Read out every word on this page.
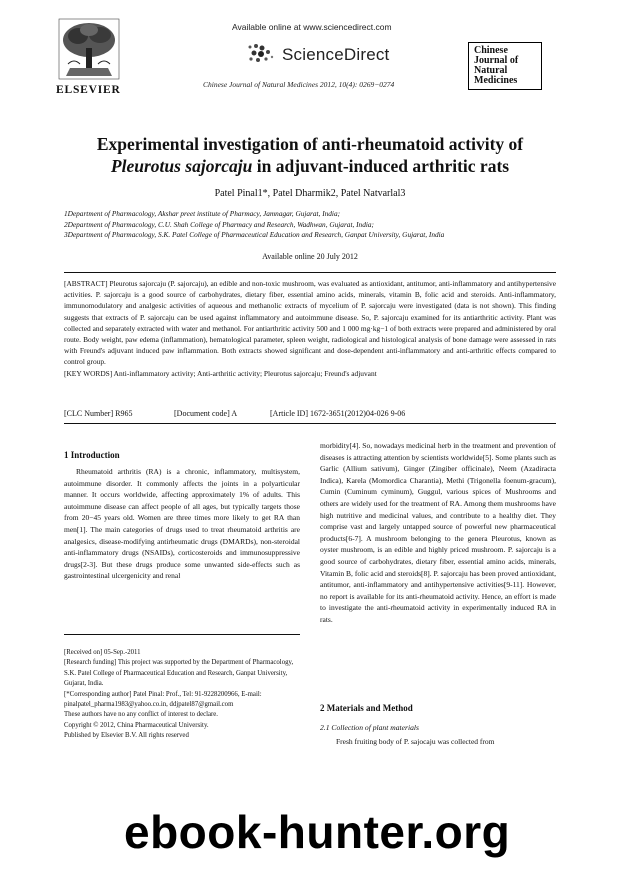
ELSEVIER
Available online at www.sciencedirect.com
ScienceDirect
Chinese Journal of Natural Medicines 2012, 10(4): 0269−0274
Chinese
Journal of
Natural
Medicines
Experimental investigation of anti-rheumatoid activity of
Pleurotus sajorcaju in adjuvant-induced arthritic rats
Patel Pinal1*, Patel Dharmik2, Patel Natvarlal3
1Department of Pharmacology, Akshar preet institute of Pharmacy, Jamnagar, Gujarat, India;
2Department of Pharmacology, C.U. Shah College of Pharmacy and Research, Wadhwan, Gujarat, India;
3Department of Pharmacology, S.K. Patel College of Pharmaceutical Education and Research, Ganpat University, Gujarat, India
Available online 20 July 2012

[ABSTRACT] Pleurotus sajorcaju (P. sajorcaju), an edible and non-toxic mushroom, was evaluated as antioxidant, antitumor, anti-inflammatory and antihypertensive activities. P. sajorcaju is a good source of carbohydrates, dietary fiber, essential amino acids, minerals, vitamin B, folic acid and steroids. Anti-inflammatory, immunomodulatory and analgesic activities of aqueous and methanolic extracts of mycelium of P. sajorcaju were investigated (data is not shown). This finding suggests that extracts of P. sajorcaju can be used against inflammatory and autoimmune disease. So, P. sajorcaju examined for its antiarthritic activity. Plant was collected and separately extracted with water and methanol. For antiarthritic activity 500 and 1 000 mg·kg−1 of both extracts were prepared and administered by oral route. Body weight, paw edema (inflammation), hematological parameter, spleen weight, radiological and histological analysis of bone damage were assessed in rats with Freund's adjuvant induced paw inflammation. Both extracts showed significant and dose-dependent anti-inflammatory and anti-arthritic effects compared to control group.

[KEY WORDS] Anti-inflammatory activity; Anti-arthritic activity; Pleurotus sajorcaju; Freund's adjuvant

[CLC Number] R965	[Document code] A	[Article ID] 1672-3651(2012)04-026 9-06
1 Introduction

Rheumatoid arthritis (RA) is a chronic, inflammatory, multisystem, autoimmune disorder. It commonly affects the joints in a polyarticular manner. It occurs worldwide, affecting approximately 1% of adults. This autoimmune disease can affect people of all ages, but typically targets those from 20−45 years old. Women are three times more likely to get RA than men[1]. The main categories of drugs used to treat rheumatoid arthritis are analgesics, disease-modifying antirheumatic drugs (DMARDs), non-steroidal anti-inflammatory drugs (NSAIDs), corticosteroids and immunosuppressive drugs[2-3]. But these drugs produce some unwanted side-effects such as gastrointestinal ulcergenicity and renal

[Received on] 05-Sep.-2011
[Research funding] This project was supported by the Department of Pharmacology, S.K. Patel College of Pharmaceutical Education and Research, Ganpat University, Gujarat, India.
[*Corresponding author] Patel Pinal: Prof., Tel: 91-9228200966, E-mail: pinalpatel_pharma1983@yahoo.co.in, ddjpatel87@gmail.com
These authors have no any conflict of interest to declare.
Copyright © 2012, China Pharmaceutical University.
Published by Elsevier B.V. All rights reserved

morbidity[4]. So, nowadays medicinal herb in the treatment and prevention of diseases is attracting attention by scientists worldwide[5]. Some plants such as Garlic (Allium sativum), Ginger (Zingiber officinale), Neem (Azadiracta Indica), Karela (Momordica Charantia), Methi (Trigonella foenum-gracum), Cumin (Cuminum cyminum), Guggul, various spices of Mushrooms and others are widely used for the treatment of RA. Among them mushrooms have high nutritive and medicinal values, and contribute to a healthy diet. They comprise vast and largely untapped source of powerful new pharmaceutical products[6-7]. A mushroom belonging to the genera Pleurotus, known as oyster mushroom, is an edible and highly priced mushroom. P. sajorcaju is a good source of carbohydrates, dietary fiber, essential amino acids, minerals, Vitamin B, folic acid and steroids[8]. P. sajorcaju has been proved antioxidant, antitumor, anti-inflammatory and antihypertensive activities[9-11]. However, no report is available for its anti-rheumatoid activity. Hence, an effort is made to investigate the anti-rheumatoid activity in experimentally induced RA in rats.

2 Materials and Method
2.1 Collection of plant materials
Fresh fruiting body of P. sajocaju was collected from
ebook-hunter.org
